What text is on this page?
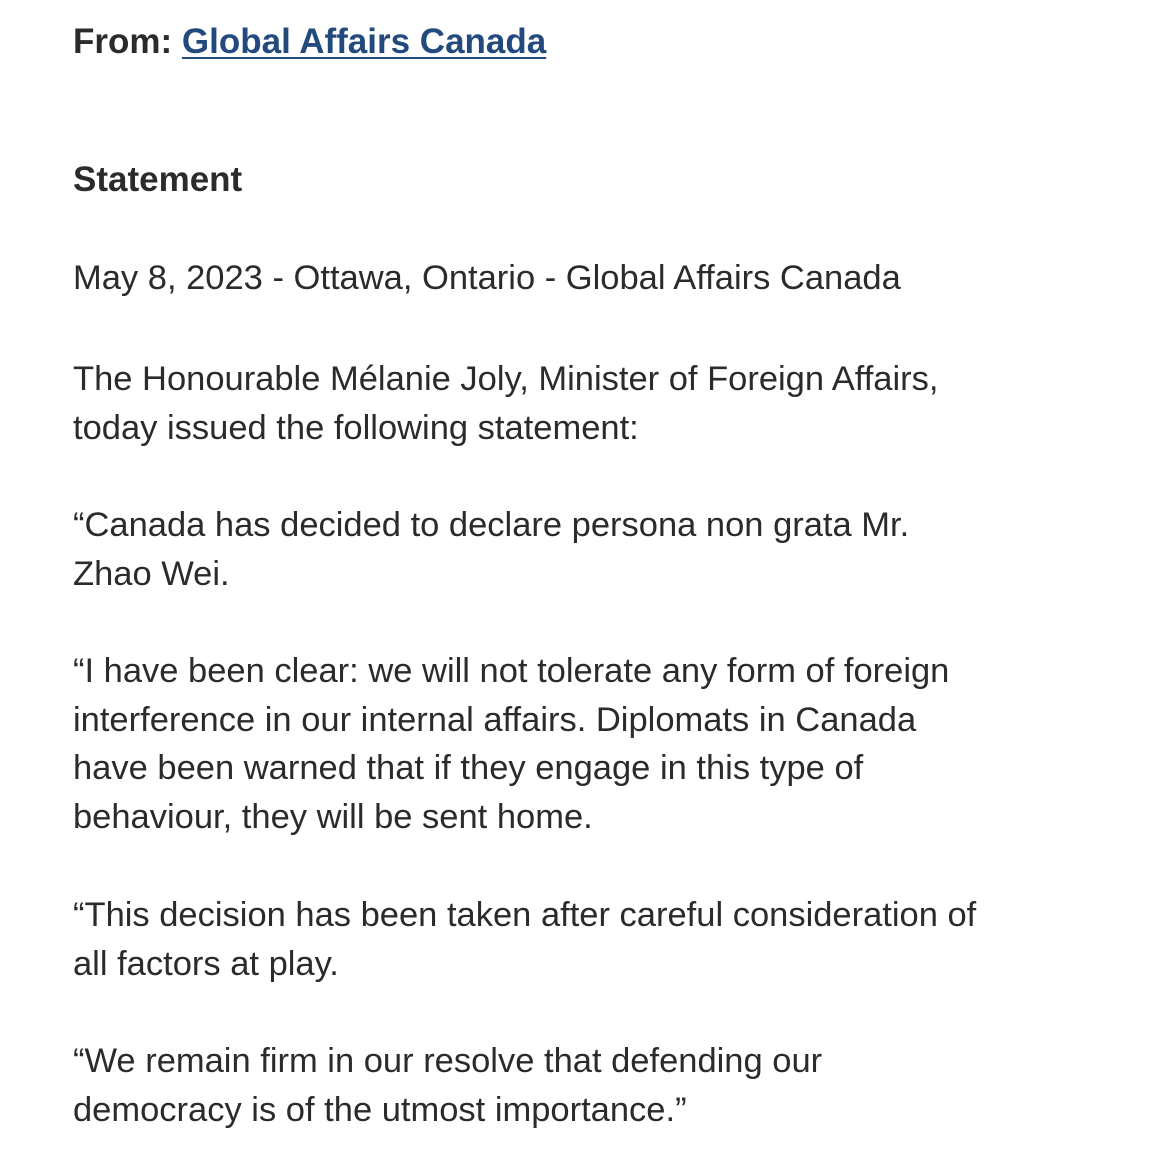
From: Global Affairs Canada
Statement

May 8, 2023 - Ottawa, Ontario - Global Affairs Canada

The Honourable Mélanie Joly, Minister of Foreign Affairs,
today issued the following statement:

“Canada has decided to declare persona non grata Mr.
Zhao Wei.

“I have been clear: we will not tolerate any form of foreign
interference in our internal affairs. Diplomats in Canada
have been warned that if they engage in this type of
behaviour, they will be sent home.

“This decision has been taken after careful consideration of
all factors at play.

“We remain firm in our resolve that defending our
democracy is of the utmost importance.”
